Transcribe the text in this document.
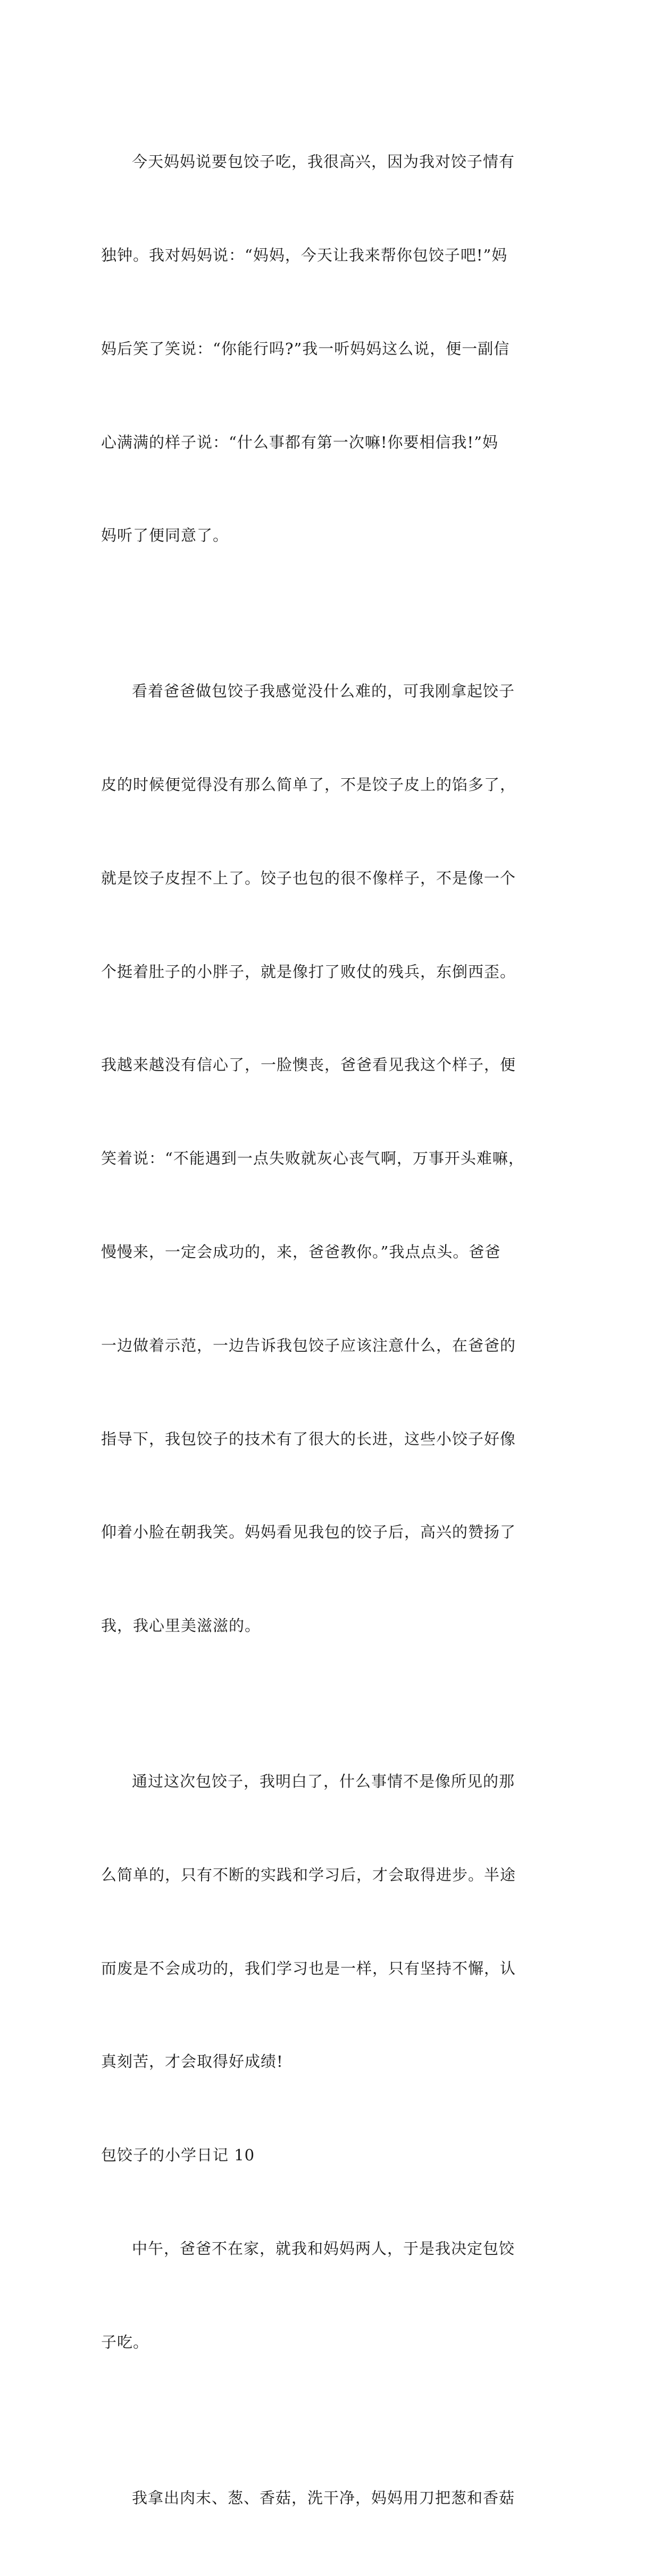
今天妈妈说要包饺子吃，我很高兴，因为我对饺子情有

独钟。我对妈妈说：“妈妈，今天让我来帮你包饺子吧!”妈

妈后笑了笑说：“你能行吗?”我一听妈妈这么说，便一副信

心满满的样子说：“什么事都有第一次嘛!你要相信我!”妈

妈听了便同意了。

看着爸爸做包饺子我感觉没什么难的，可我刚拿起饺子

皮的时候便觉得没有那么简单了，不是饺子皮上的馅多了，

就是饺子皮捏不上了。饺子也包的很不像样子，不是像一个

个挺着肚子的小胖子，就是像打了败仗的残兵，东倒西歪。

我越来越没有信心了，一脸懊丧，爸爸看见我这个样子，便

笑着说：“不能遇到一点失败就灰心丧气啊，万事开头难嘛，

慢慢来，一定会成功的，来，爸爸教你。”我点点头。爸爸

一边做着示范，一边告诉我包饺子应该注意什么，在爸爸的

指导下，我包饺子的技术有了很大的长进，这些小饺子好像

仰着小脸在朝我笑。妈妈看见我包的饺子后，高兴的赞扬了

我，我心里美滋滋的。

通过这次包饺子，我明白了，什么事情不是像所见的那

么简单的，只有不断的实践和学习后，才会取得进步。半途

而废是不会成功的，我们学习也是一样，只有坚持不懈，认

真刻苦，才会取得好成绩!

包饺子的小学日记 10

中午，爸爸不在家，就我和妈妈两人，于是我决定包饺

子吃。

我拿出肉末、葱、香菇，洗干净，妈妈用刀把葱和香菇
